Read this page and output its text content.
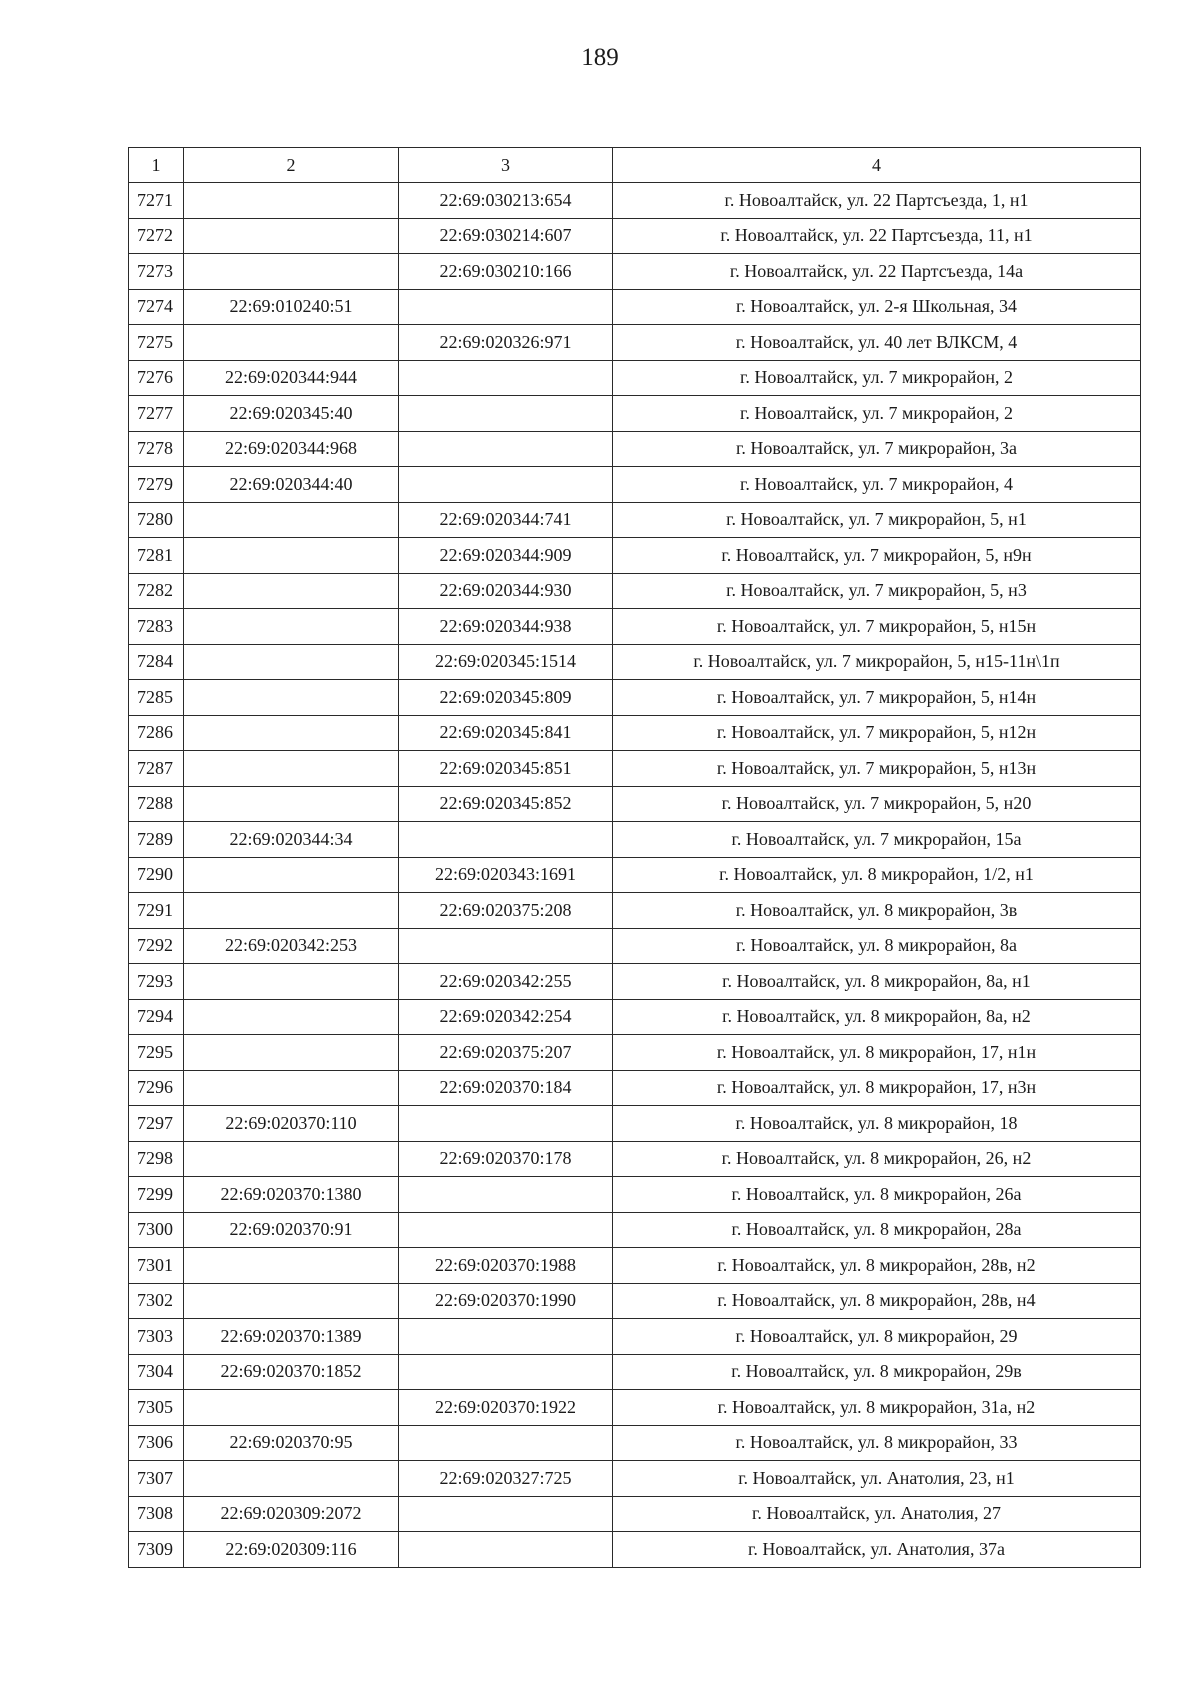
189
1	2	3	4
7271		22:69:030213:654	г. Новоалтайск, ул. 22 Партсъезда, 1, н1
7272		22:69:030214:607	г. Новоалтайск, ул. 22 Партсъезда, 11, н1
7273		22:69:030210:166	г. Новоалтайск, ул. 22 Партсъезда, 14а
7274	22:69:010240:51		г. Новоалтайск, ул. 2-я Школьная, 34
7275		22:69:020326:971	г. Новоалтайск, ул. 40 лет ВЛКСМ, 4
7276	22:69:020344:944		г. Новоалтайск, ул. 7 микрорайон, 2
7277	22:69:020345:40		г. Новоалтайск, ул. 7 микрорайон, 2
7278	22:69:020344:968		г. Новоалтайск, ул. 7 микрорайон, 3а
7279	22:69:020344:40		г. Новоалтайск, ул. 7 микрорайон, 4
7280		22:69:020344:741	г. Новоалтайск, ул. 7 микрорайон, 5, н1
7281		22:69:020344:909	г. Новоалтайск, ул. 7 микрорайон, 5, н9н
7282		22:69:020344:930	г. Новоалтайск, ул. 7 микрорайон, 5, н3
7283		22:69:020344:938	г. Новоалтайск, ул. 7 микрорайон, 5, н15н
7284		22:69:020345:1514	г. Новоалтайск, ул. 7 микрорайон, 5, н15-11н\1п
7285		22:69:020345:809	г. Новоалтайск, ул. 7 микрорайон, 5, н14н
7286		22:69:020345:841	г. Новоалтайск, ул. 7 микрорайон, 5, н12н
7287		22:69:020345:851	г. Новоалтайск, ул. 7 микрорайон, 5, н13н
7288		22:69:020345:852	г. Новоалтайск, ул. 7 микрорайон, 5, н20
7289	22:69:020344:34		г. Новоалтайск, ул. 7 микрорайон, 15а
7290		22:69:020343:1691	г. Новоалтайск, ул. 8 микрорайон, 1/2, н1
7291		22:69:020375:208	г. Новоалтайск, ул. 8 микрорайон, 3в
7292	22:69:020342:253		г. Новоалтайск, ул. 8 микрорайон, 8а
7293		22:69:020342:255	г. Новоалтайск, ул. 8 микрорайон, 8а, н1
7294		22:69:020342:254	г. Новоалтайск, ул. 8 микрорайон, 8а, н2
7295		22:69:020375:207	г. Новоалтайск, ул. 8 микрорайон, 17, н1н
7296		22:69:020370:184	г. Новоалтайск, ул. 8 микрорайон, 17, н3н
7297	22:69:020370:110		г. Новоалтайск, ул. 8 микрорайон, 18
7298		22:69:020370:178	г. Новоалтайск, ул. 8 микрорайон, 26, н2
7299	22:69:020370:1380		г. Новоалтайск, ул. 8 микрорайон, 26а
7300	22:69:020370:91		г. Новоалтайск, ул. 8 микрорайон, 28а
7301		22:69:020370:1988	г. Новоалтайск, ул. 8 микрорайон, 28в, н2
7302		22:69:020370:1990	г. Новоалтайск, ул. 8 микрорайон, 28в, н4
7303	22:69:020370:1389		г. Новоалтайск, ул. 8 микрорайон, 29
7304	22:69:020370:1852		г. Новоалтайск, ул. 8 микрорайон, 29в
7305		22:69:020370:1922	г. Новоалтайск, ул. 8 микрорайон, 31а, н2
7306	22:69:020370:95		г. Новоалтайск, ул. 8 микрорайон, 33
7307		22:69:020327:725	г. Новоалтайск, ул. Анатолия, 23, н1
7308	22:69:020309:2072		г. Новоалтайск, ул. Анатолия, 27
7309	22:69:020309:116		г. Новоалтайск, ул. Анатолия, 37а
